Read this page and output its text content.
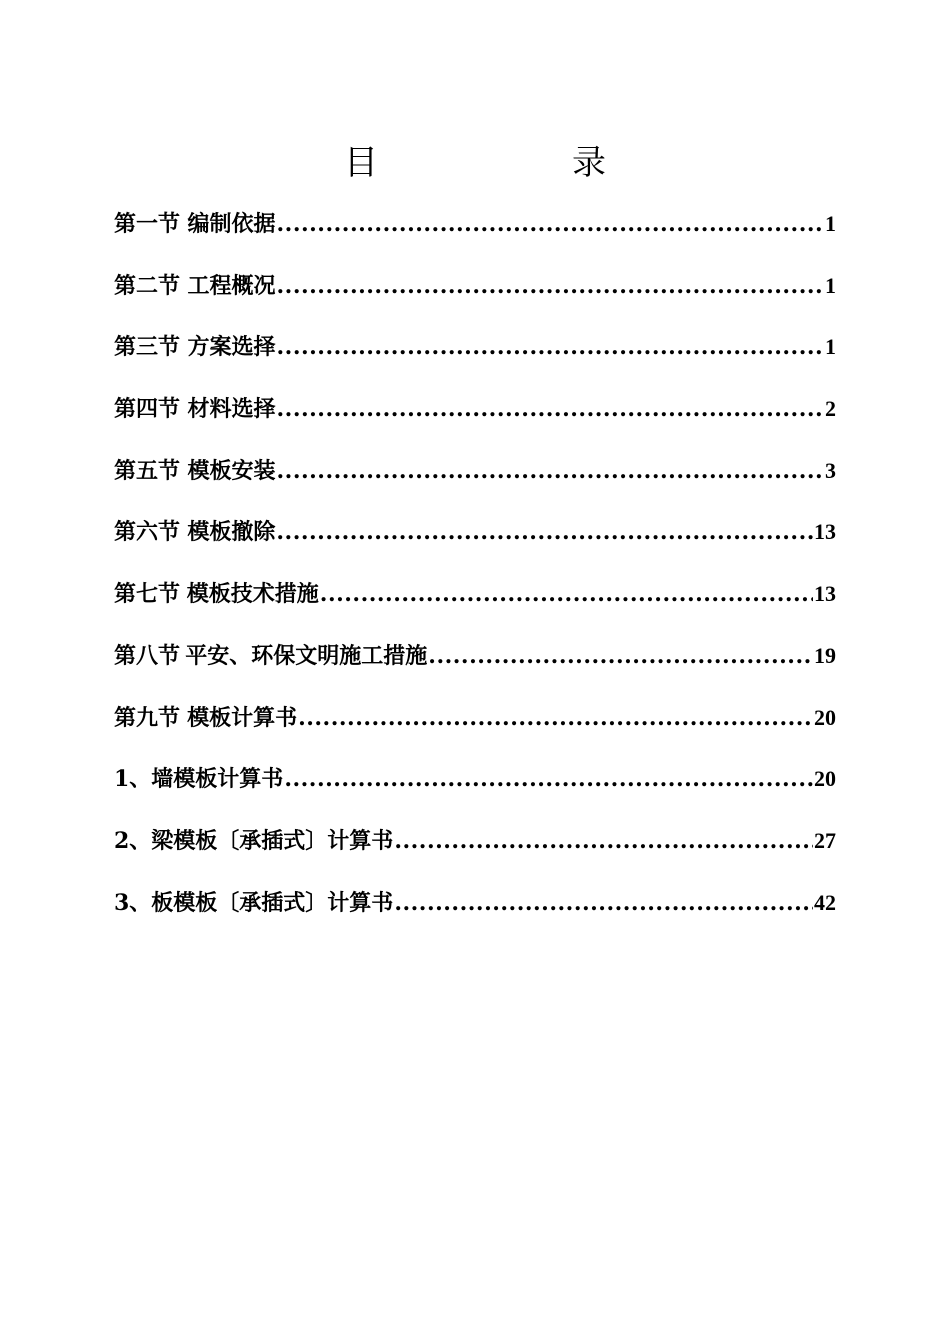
目　录
第一节 编制依据 .....	1
第二节 工程概况 .....	1
第三节 方案选择 .....	1
第四节 材料选择 .....	2
第五节 模板安装 .....	3
第六节 模板撤除 .....	13
第七节 模板技术措施 .....	13
第八节 平安、环保文明施工措施 .....	19
第九节 模板计算书 .....	20
1、墙模板计算书 .....	20
2、梁模板〔承插式〕计算书 .....	27
3、板模板〔承插式〕计算书 .....	42
